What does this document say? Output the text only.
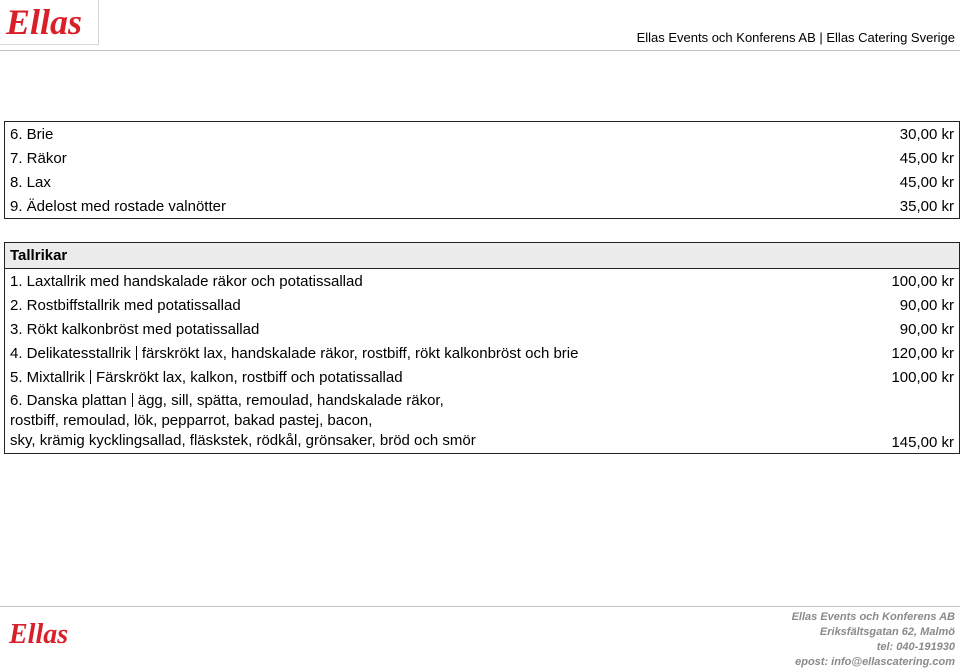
Ellas	Ellas Events och Konferens AB | Ellas Catering Sverige
6. Brie	30,00 kr
7. Räkor	45,00 kr
8. Lax	45,00 kr
9. Ädelost med rostade valnötter	35,00 kr
Tallrikar	
1. Laxtallrik med handskalade räkor och potatissallad	100,00 kr
2. Rostbiffstallrik med potatissallad	90,00 kr
3. Rökt kalkonbröst med potatissallad	90,00 kr
4. Delikatesstallrik färskrökt lax, handskalade räkor, rostbiff, rökt kalkonbröst och brie	120,00 kr
5. Mixtallrik Färskrökt lax, kalkon, rostbiff och potatissallad	100,00 kr

6. Danska plattan ägg, sill, spätta, remoulad, handskalade räkor, rostbiff, remoulad, lök, pepparrot, bakad pastej, bacon,
sky, krämig kycklingsallad, fläskstek, rödkål, grönsaker, bröd och smör	145,00 kr
Ellas
Ellas Events och Konferens AB
Eriksfältsgatan 62, Malmö
tel: 040-191930
epost: info@ellascatering.com
